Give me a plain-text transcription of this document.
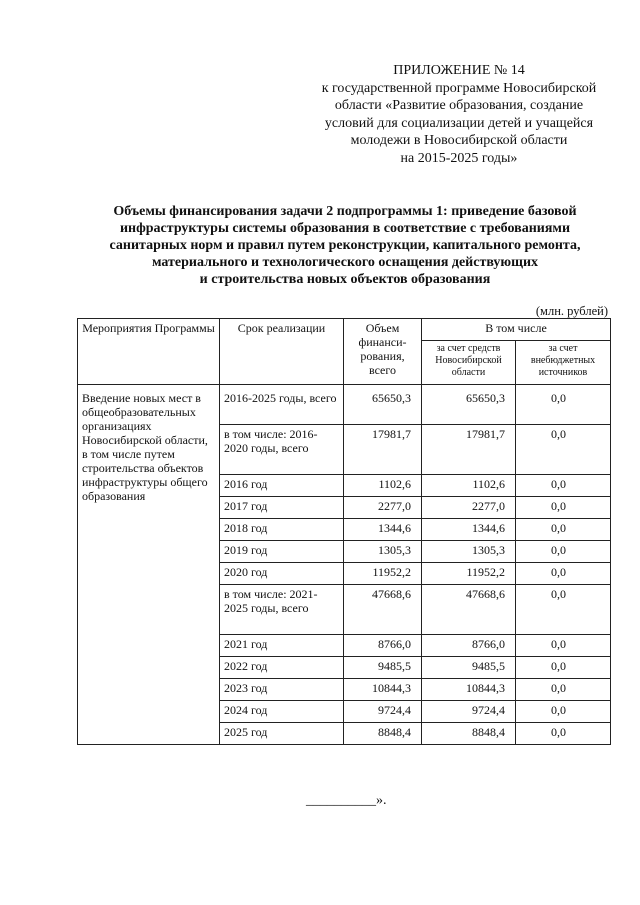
ПРИЛОЖЕНИЕ № 14
к государственной программе Новосибирской
области «Развитие образования, создание
условий для социализации детей и учащейся
молодежи в Новосибирской области
на 2015-2025 годы»
Объемы финансирования задачи 2 подпрограммы 1: приведение базовой
инфраструктуры системы образования в соответствие с требованиями
санитарных норм и правил путем реконструкции, капитального ремонта,
материального и технологического оснащения действующих
и строительства новых объектов образования
(млн. рублей)
Мероприятия Программы	Срок реализации	Объем финанси-рования, всего	В том числе	
			за счет средств Новосибирской области	за счет внебюджетных источников
Введение новых мест в общеобразовательных организациях Новосибирской области, в том числе путем строительства объектов инфраструктуры общего образования	2016-2025 годы, всего	65650,3	65650,3	0,0
	в том числе: 2016-2020 годы, всего	17981,7	17981,7	0,0
	2016 год	1102,6	1102,6	0,0
	2017 год	2277,0	2277,0	0,0
	2018 год	1344,6	1344,6	0,0
	2019 год	1305,3	1305,3	0,0
	2020 год	11952,2	11952,2	0,0
	в том числе: 2021-2025 годы, всего	47668,6	47668,6	0,0
	2021 год	8766,0	8766,0	0,0
	2022 год	9485,5	9485,5	0,0
	2023 год	10844,3	10844,3	0,0
	2024 год	9724,4	9724,4	0,0
	2025 год	8848,4	8848,4	0,0
__________».
